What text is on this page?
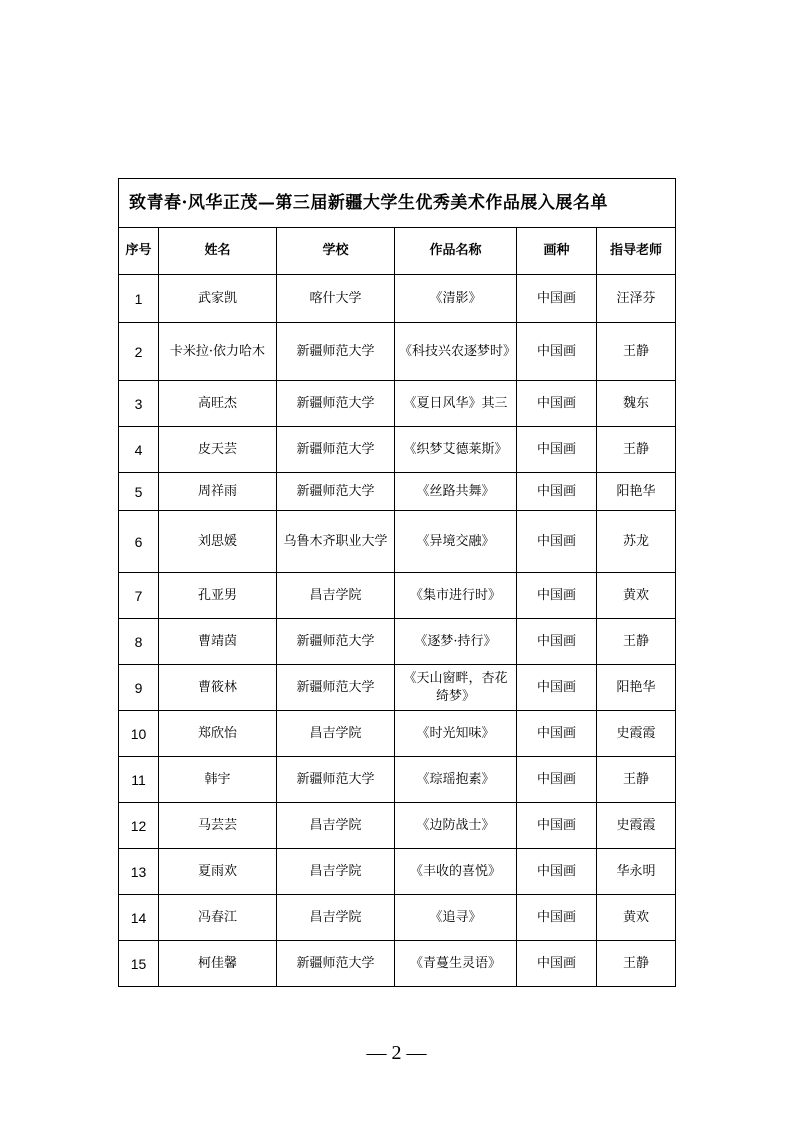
致青春·风华正茂—第三届新疆大学生优秀美术作品展入展名单					
序号	姓名	学校	作品名称	画种	指导老师
1	武家凯	喀什大学	《清影》	中国画	汪泽芬
2	卡米拉·依力哈木	新疆师范大学	《科技兴农逐梦时》	中国画	王静
3	高旺杰	新疆师范大学	《夏日风华》其三	中国画	魏东
4	皮天芸	新疆师范大学	《织梦艾德莱斯》	中国画	王静
5	周祥雨	新疆师范大学	《丝路共舞》	中国画	阳艳华
6	刘思媛	乌鲁木齐职业大学	《异境交融》	中国画	苏龙
7	孔亚男	昌吉学院	《集市进行时》	中国画	黄欢
8	曹靖茵	新疆师范大学	《逐梦·持行》	中国画	王静
9	曹筱林	新疆师范大学	《天山窗畔，杏花绮梦》	中国画	阳艳华
10	郑欣怡	昌吉学院	《时光知味》	中国画	史霞霞
11	韩宇	新疆师范大学	《琮瑶抱素》	中国画	王静
12	马芸芸	昌吉学院	《边防战士》	中国画	史霞霞
13	夏雨欢	昌吉学院	《丰收的喜悦》	中国画	华永明
14	冯春江	昌吉学院	《追寻》	中国画	黄欢
15	柯佳馨	新疆师范大学	《青蔓生灵语》	中国画	王静
— 2 —
